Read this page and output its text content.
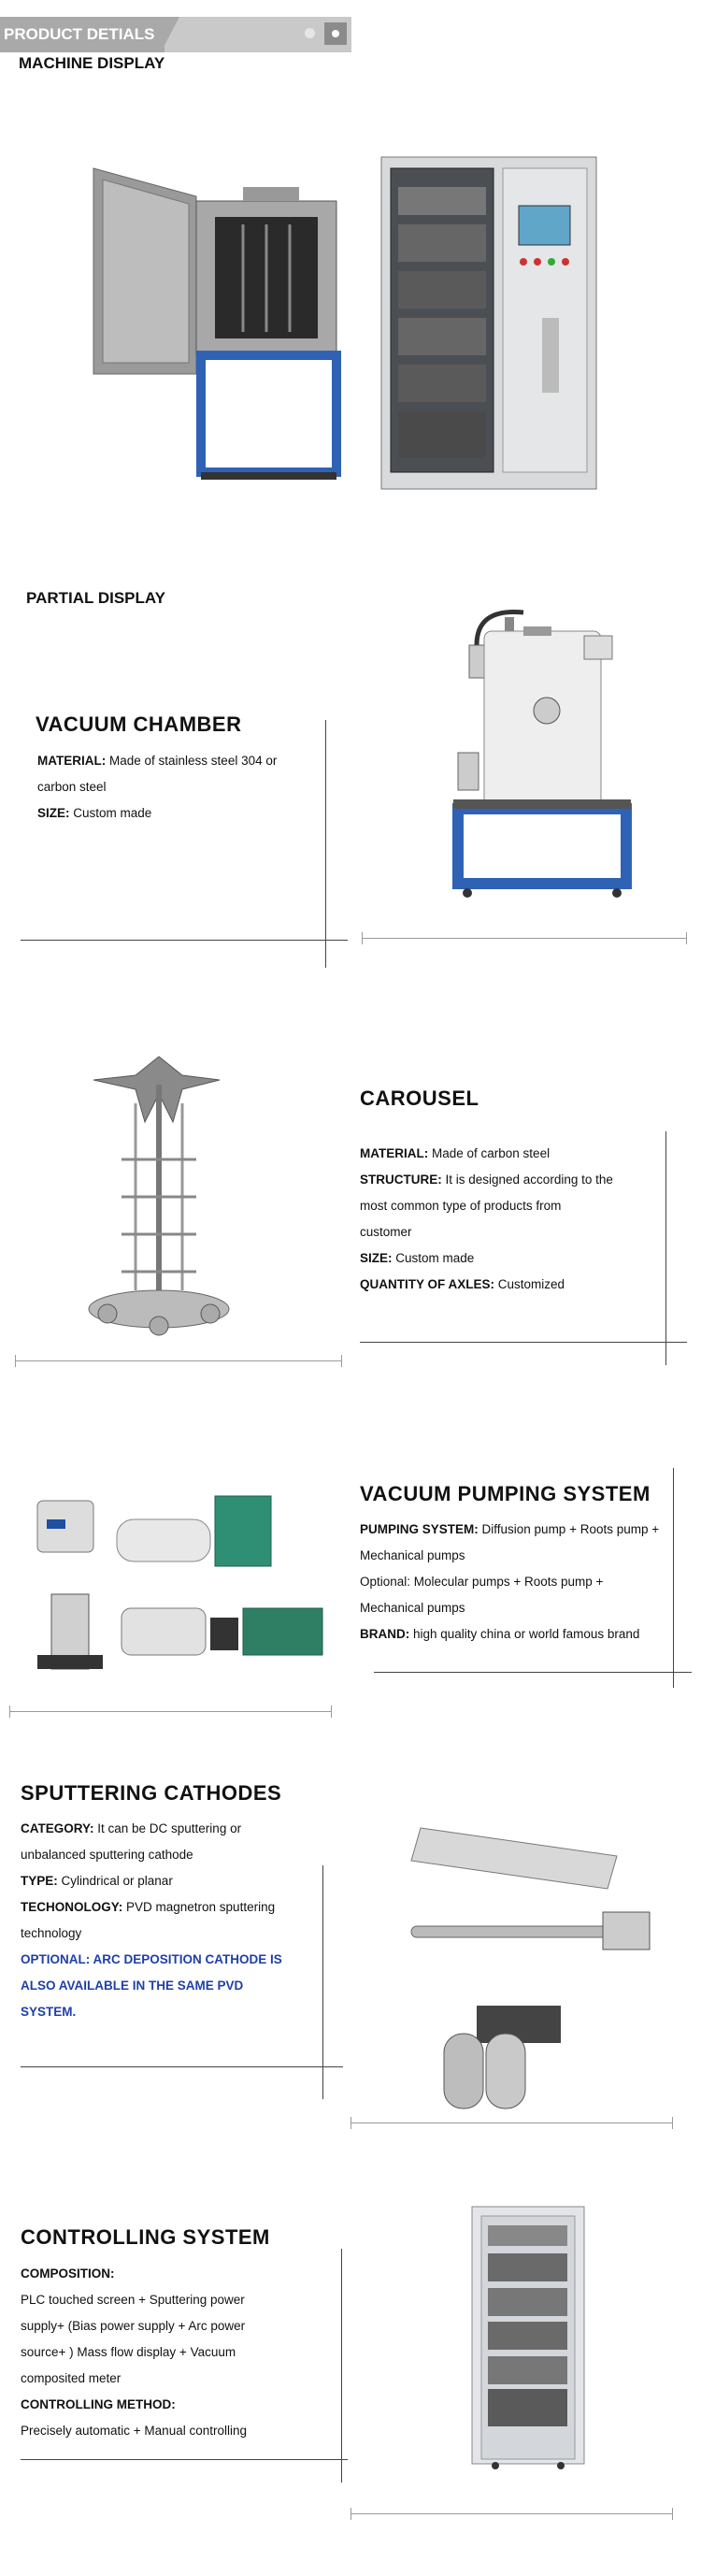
PRODUCT DETIALS
MACHINE DISPLAY
PARTIAL DISPLAY
VACUUM CHAMBER
MATERIAL: Made of stainless steel 304 or
carbon steel
SIZE: Custom made
CAROUSEL
MATERIAL: Made of carbon steel
STRUCTURE: It is designed according to the
most common type of products from
customer
SIZE: Custom made
QUANTITY OF AXLES: Customized
VACUUM PUMPING SYSTEM
PUMPING SYSTEM: Diffusion pump + Roots pump +
Mechanical pumps
Optional: Molecular pumps + Roots pump +
Mechanical pumps
BRAND: high quality china or world famous brand
SPUTTERING CATHODES
CATEGORY: It can be DC sputtering or
unbalanced sputtering cathode
TYPE: Cylindrical or planar
TECHONOLOGY: PVD magnetron sputtering
technology
OPTIONAL: ARC DEPOSITION CATHODE IS
ALSO AVAILABLE IN THE SAME PVD
SYSTEM.
CONTROLLING SYSTEM
COMPOSITION:
PLC touched screen + Sputtering power
supply+ (Bias power supply + Arc power
source+ ) Mass flow display + Vacuum
composited meter
CONTROLLING METHOD:
Precisely automatic + Manual controlling
